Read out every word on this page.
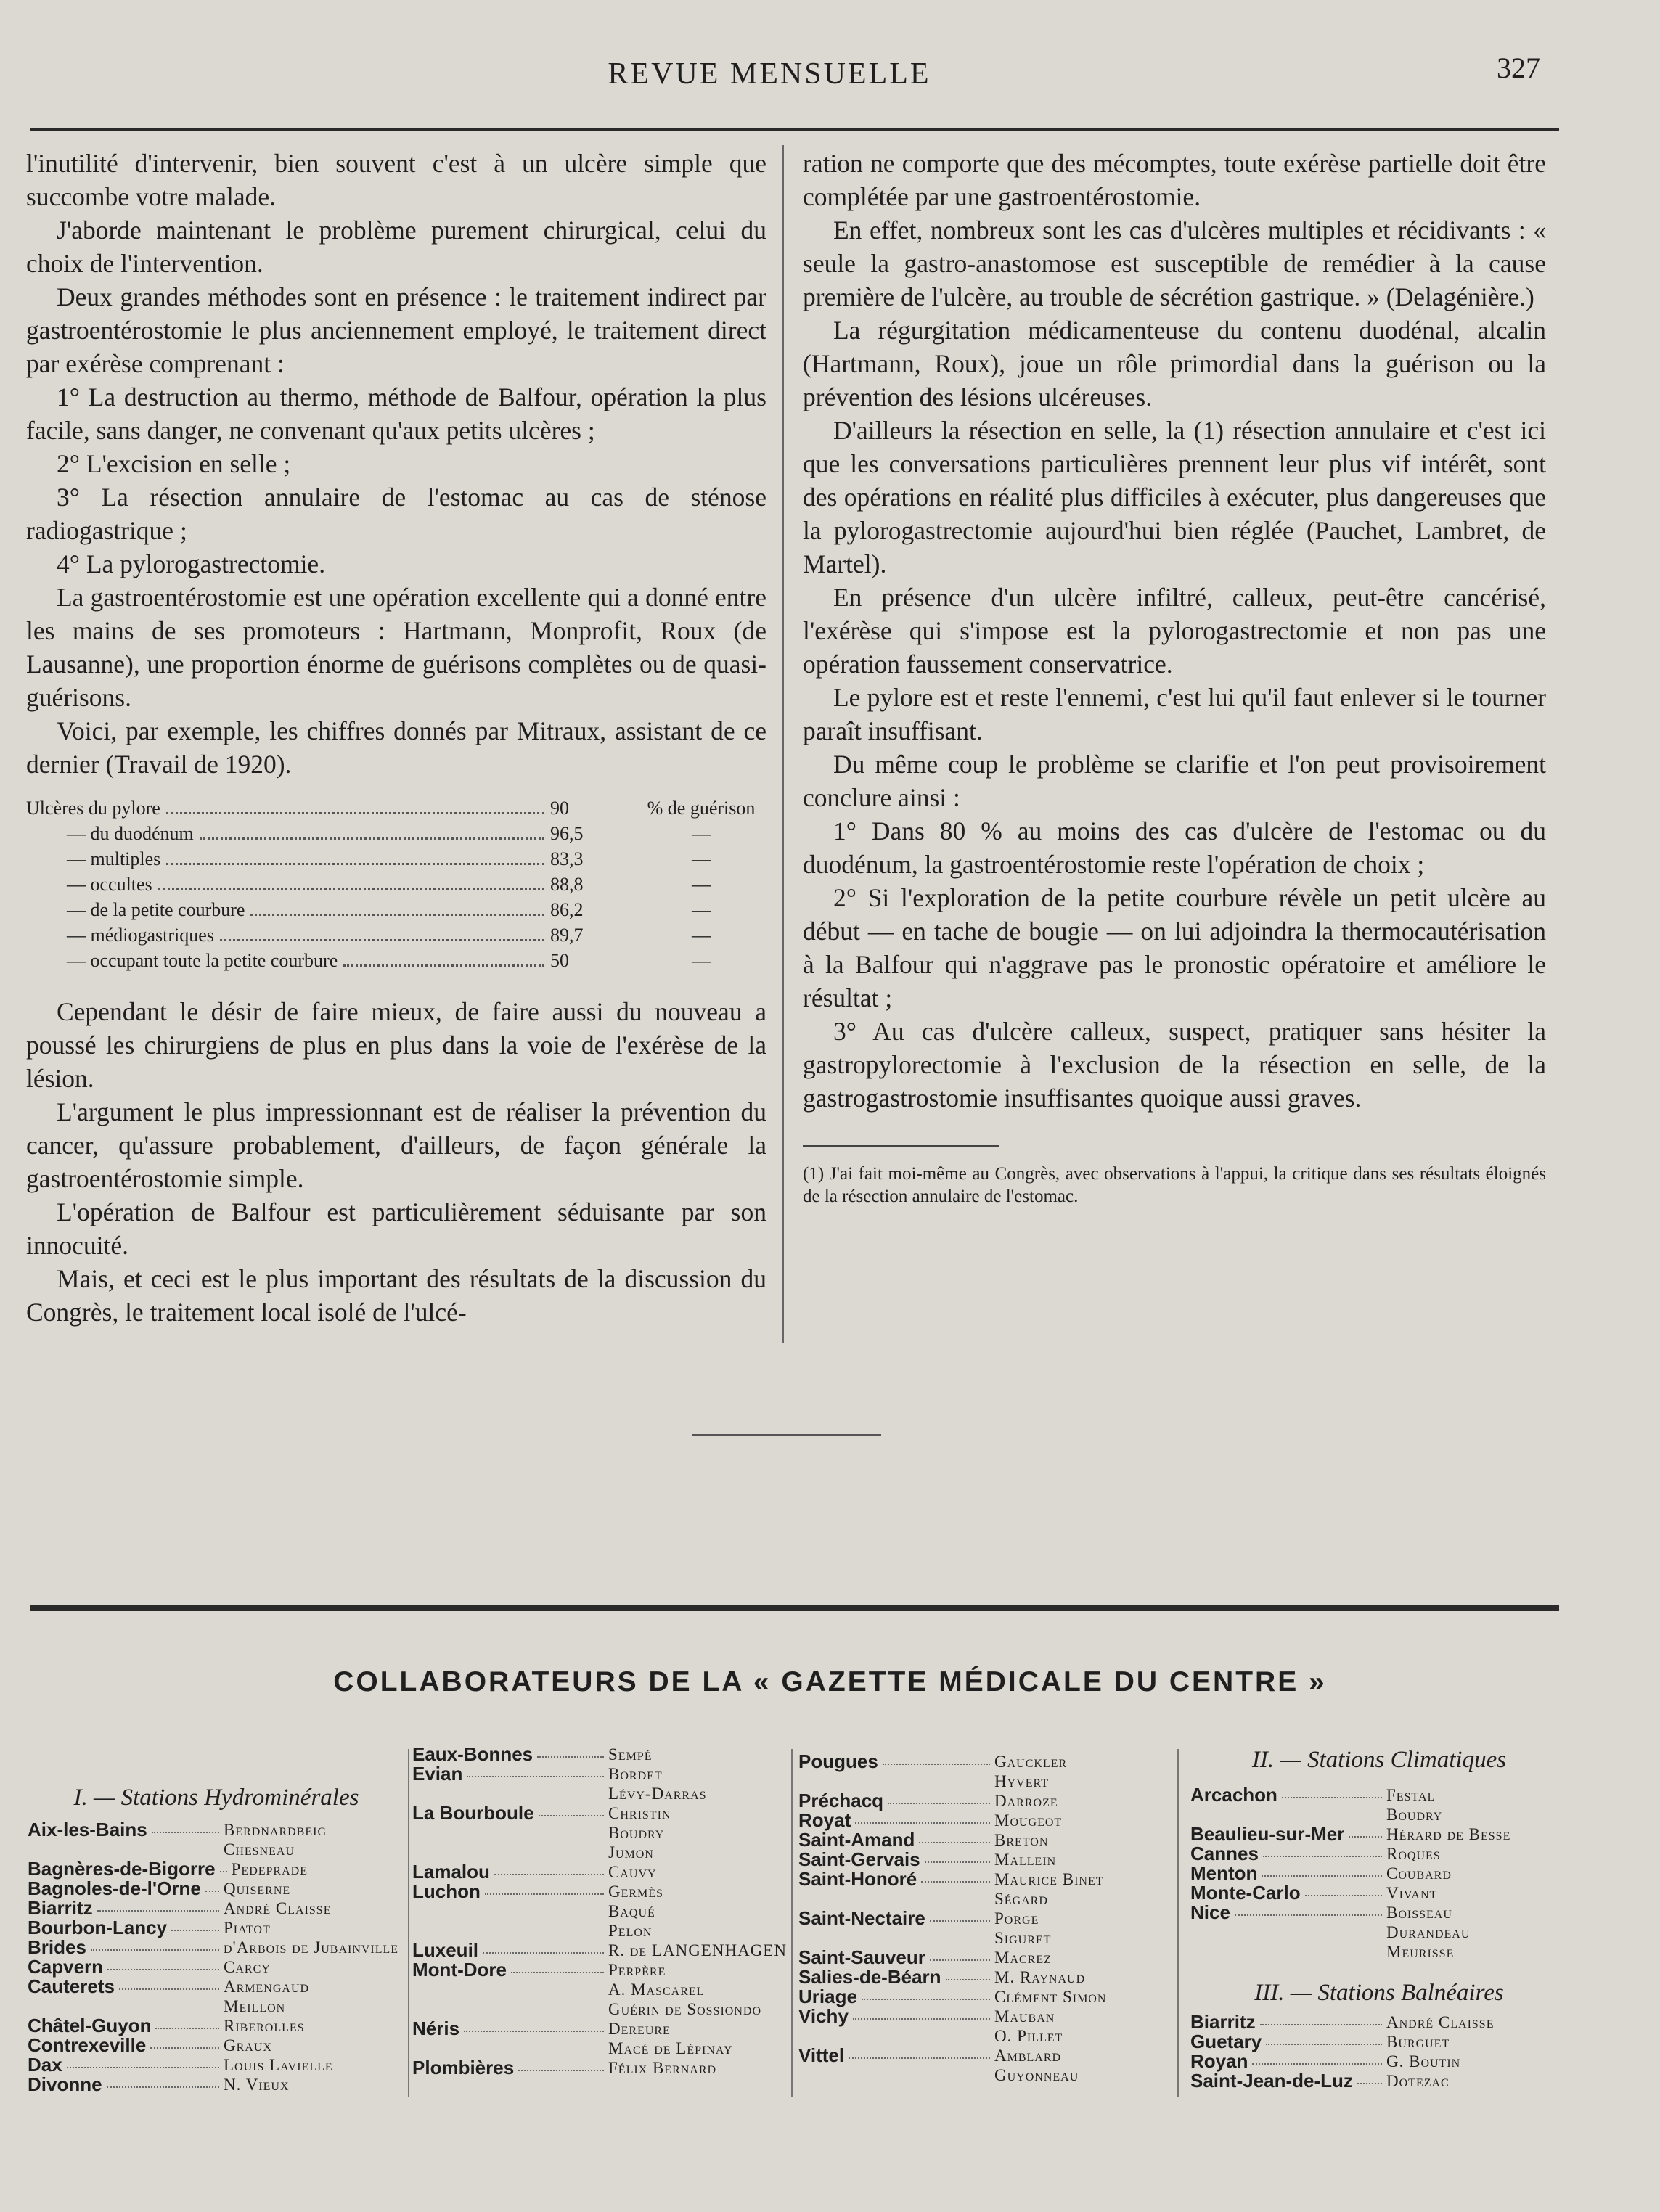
REVUE MENSUELLE	327

l'inutilité d'intervenir, bien souvent c'est à un ulcère simple que succombe votre malade.

J'aborde maintenant le problème purement chirurgical, celui du choix de l'intervention.

Deux grandes méthodes sont en présence : le traitement indirect par gastroentérostomie le plus anciennement employé, le traitement direct par exérèse comprenant :

1° La destruction au thermo, méthode de Balfour, opération la plus facile, sans danger, ne convenant qu'aux petits ulcères ;

2° L'excision en selle ;

3° La résection annulaire de l'estomac au cas de sténose radiogastrique ;

4° La pylorogastrectomie.

La gastroentérostomie est une opération excellente qui a donné entre les mains de ses promoteurs : Hartmann, Monprofit, Roux (de Lausanne), une proportion énorme de guérisons complètes ou de quasi-guérisons.

Voici, par exemple, les chiffres donnés par Mitraux, assistant de ce dernier (Travail de 1920).

Ulcères du pylore	90	% de guérison
— du duodénum	96,5	—
— multiples	83,3	—
— occultes	88,8	—
— de la petite courbure	86,2	—
— médiogastriques	89,7	—
— occupant toute la petite courbure	50	—

Cependant le désir de faire mieux, de faire aussi du nouveau a poussé les chirurgiens de plus en plus dans la voie de l'exérèse de la lésion.

L'argument le plus impressionnant est de réaliser la prévention du cancer, qu'assure probablement, d'ailleurs, de façon générale la gastroentérostomie simple.

L'opération de Balfour est particulièrement séduisante par son innocuité.

Mais, et ceci est le plus important des résultats de la discussion du Congrès, le traitement local isolé de l'ulcé-

ration ne comporte que des mécomptes, toute exérèse partielle doit être complétée par une gastroentérostomie.

En effet, nombreux sont les cas d'ulcères multiples et récidivants : « seule la gastro-anastomose est susceptible de remédier à la cause première de l'ulcère, au trouble de sécrétion gastrique. » (Delagénière.)

La régurgitation médicamenteuse du contenu duodénal, alcalin (Hartmann, Roux), joue un rôle primordial dans la guérison ou la prévention des lésions ulcéreuses.

D'ailleurs la résection en selle, la (1) résection annulaire et c'est ici que les conversations particulières prennent leur plus vif intérêt, sont des opérations en réalité plus difficiles à exécuter, plus dangereuses que la pylorogastrectomie aujourd'hui bien réglée (Pauchet, Lambret, de Martel).

En présence d'un ulcère infiltré, calleux, peut-être cancérisé, l'exérèse qui s'impose est la pylorogastrectomie et non pas une opération faussement conservatrice.

Le pylore est et reste l'ennemi, c'est lui qu'il faut enlever si le tourner paraît insuffisant.

Du même coup le problème se clarifie et l'on peut provisoirement conclure ainsi :

1° Dans 80 % au moins des cas d'ulcère de l'estomac ou du duodénum, la gastroentérostomie reste l'opération de choix ;

2° Si l'exploration de la petite courbure révèle un petit ulcère au début — en tache de bougie — on lui adjoindra la thermocautérisation à la Balfour qui n'aggrave pas le pronostic opératoire et améliore le résultat ;

3° Au cas d'ulcère calleux, suspect, pratiquer sans hésiter la gastropylorectomie à l'exclusion de la résection en selle, de la gastrogastrostomie insuffisantes quoique aussi graves.

(1) J'ai fait moi-même au Congrès, avec observations à l'appui, la critique dans ses résultats éloignés de la résection annulaire de l'estomac.
COLLABORATEURS DE LA « GAZETTE MÉDICALE DU CENTRE »
I. — Stations Hydrominérales
Aix-les-Bains	Berdnardbeig
Chesneau
Bagnères-de-Bigorre Pedeprade
Bagnoles-de-l'Orne Quiserne
Biarritz	André Claisse
Bourbon-Lancy	Piatot
Brides	d'Arbois de Jubainville
Capvern	Carcy
Cauterets	Armengaud
Meillon
Châtel-Guyon	Riberolles
Contrexeville	Graux
Dax	Louis Lavielle
Divonne	N. Vieux
Eaux-Bonnes	Sempé
Evian	Bordet
Lévy-Darras
La Bourboule	Christin
Boudry
Jumon
Lamalou	Cauvy
Luchon	Germès
Baqué
Pelon
Luxeuil	R. de LANGENHAGEN
Mont-Dore	Perpère
A. Mascarel
Guérin de Sossiondo
Néris	Dereure
Macé de Lépinay
Plombières	Félix Bernard
Pougues	Gauckler
Hyvert
Préchacq	Darroze
Royat	Mougeot
Saint-Amand	Breton
Saint-Gervais	Mallein
Saint-Honoré	Maurice Binet
Ségard
Saint-Nectaire	Porge
Siguret
Saint-Sauveur	Macrez
Salies-de-Béarn	M. Raynaud
Uriage	Clément Simon
Vichy	Mauban
O. Pillet
Vittel	Amblard
Guyonneau
II. — Stations Climatiques
Arcachon	Festal
Boudry
Beaulieu-sur-Mer	Hérard de Besse
Cannes	Roques
Menton	Coubard
Monte-Carlo	Vivant
Nice	Boisseau
Durandeau
Meurisse
III. — Stations Balnéaires
Biarritz	André Claisse
Guetary	Burguet
Royan	G. Boutin
Saint-Jean-de-Luz Dotezac
